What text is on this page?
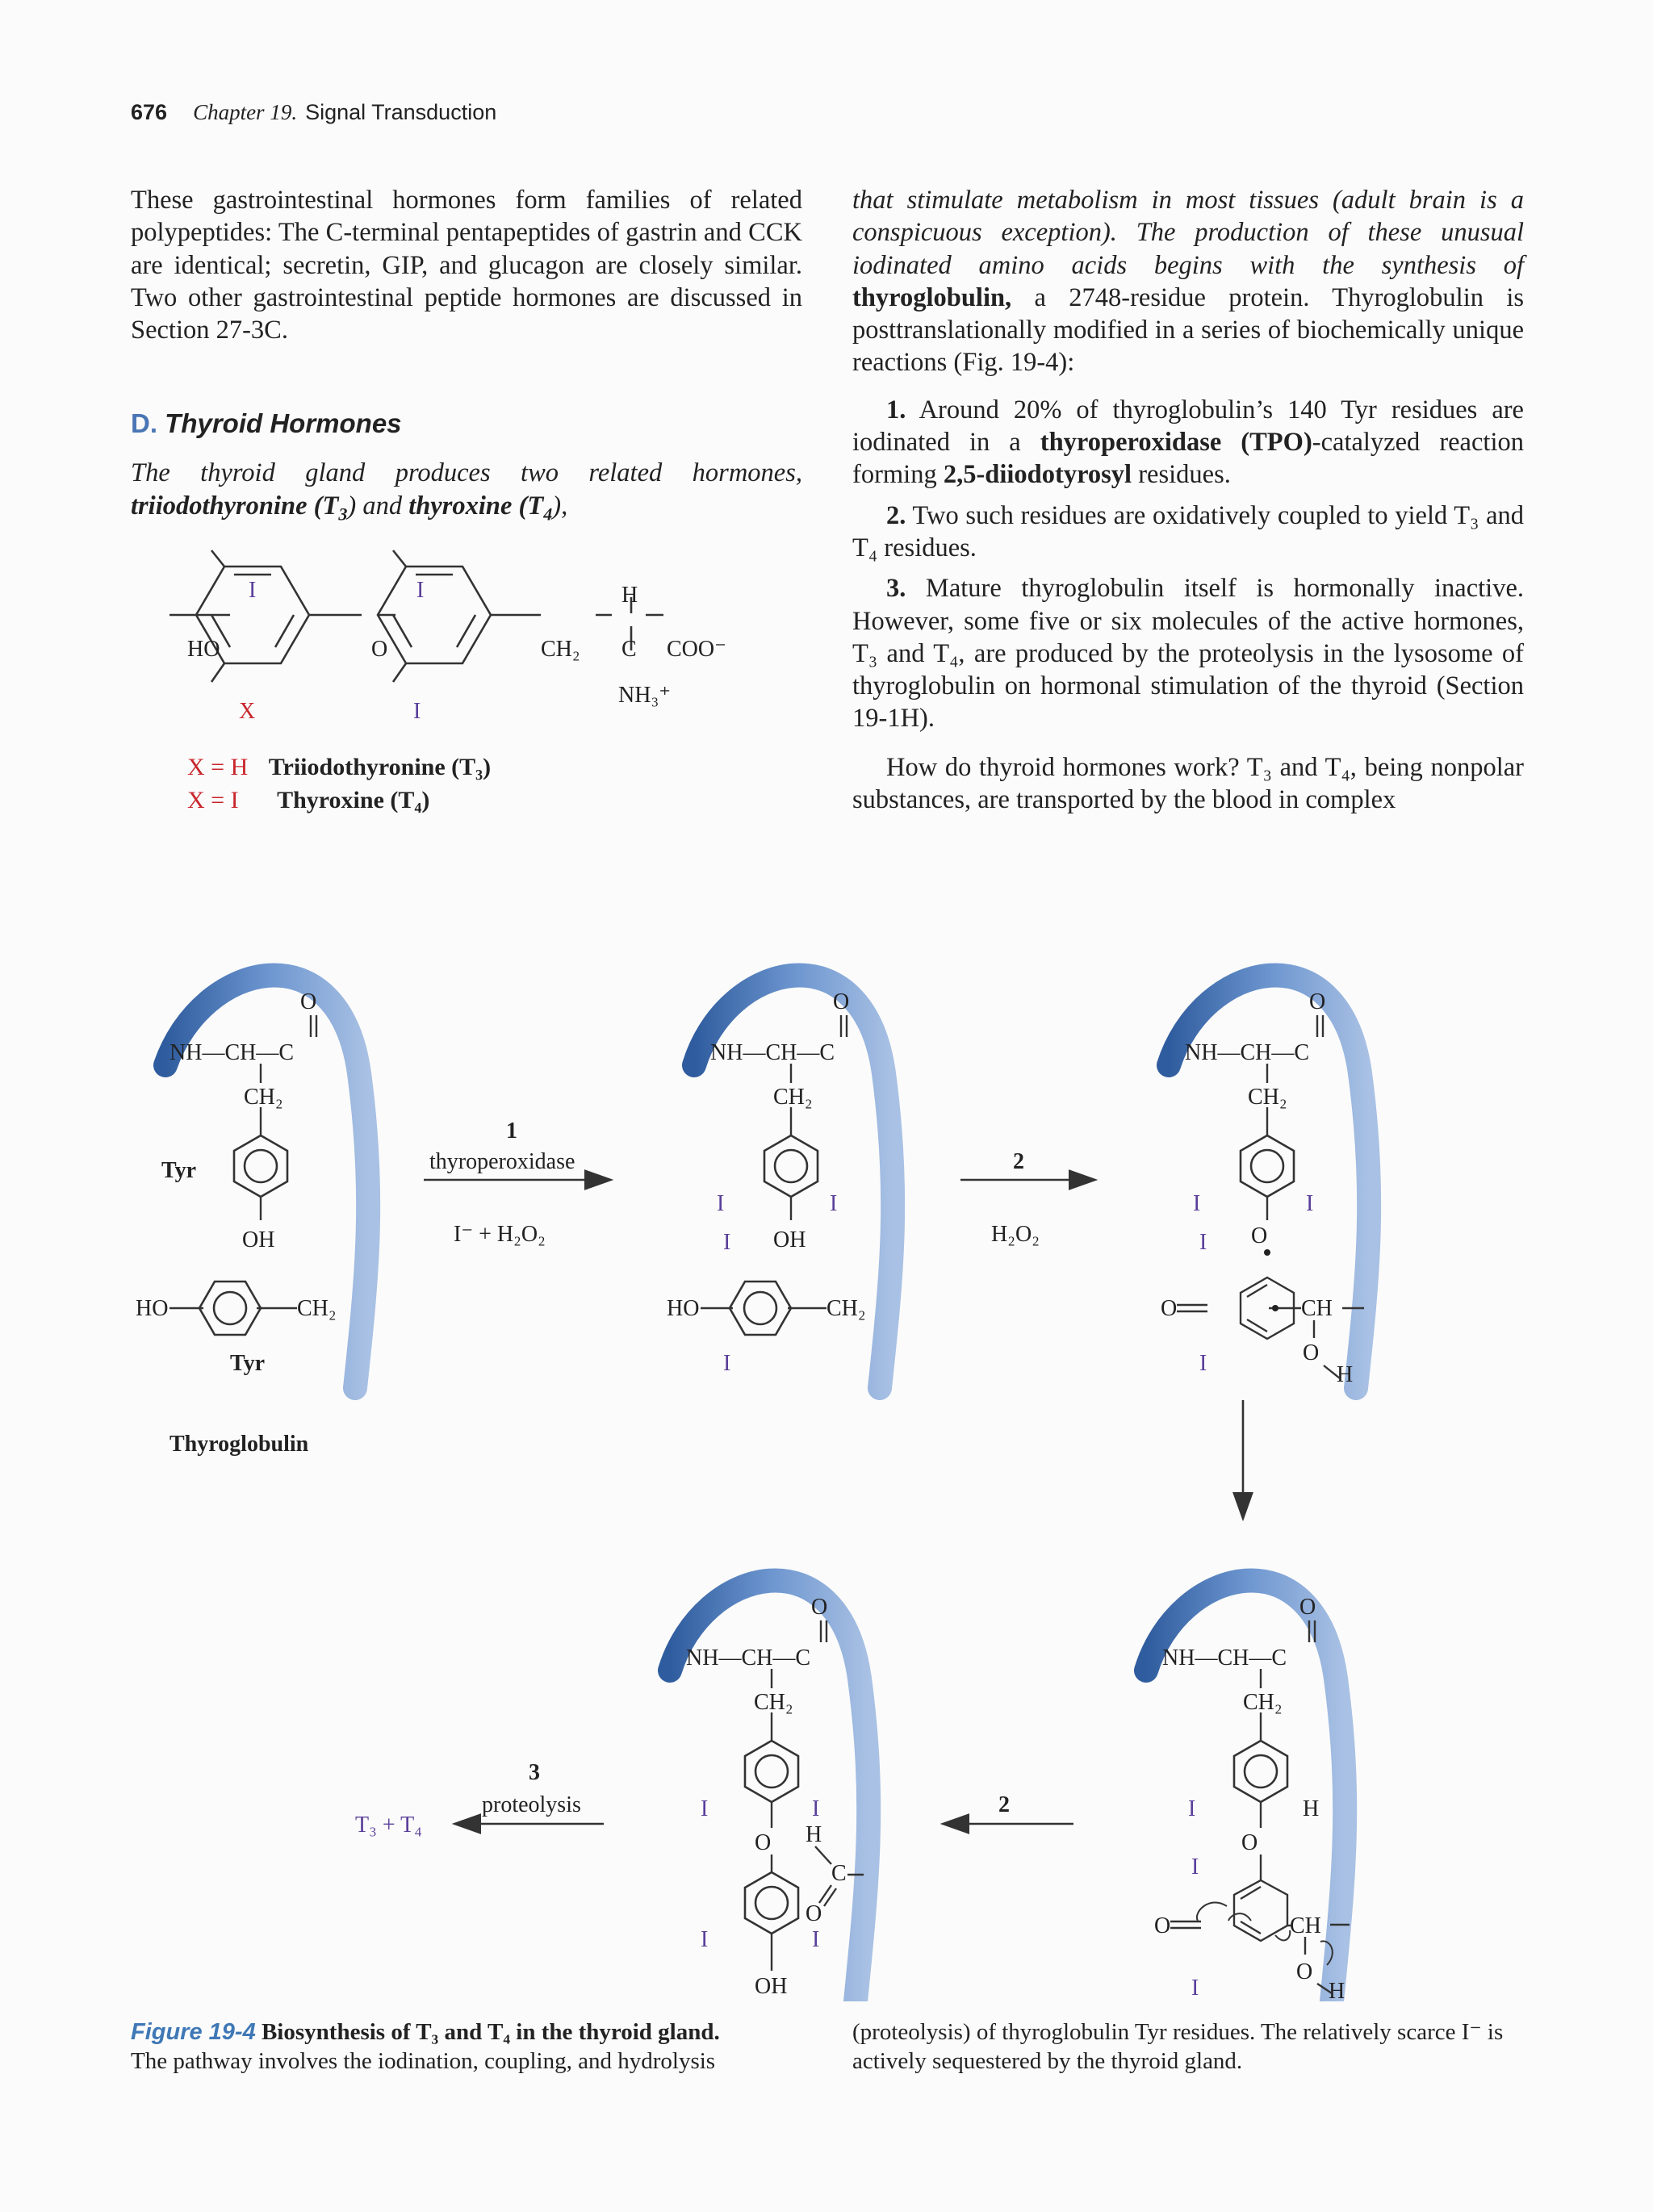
676 Chapter 19. Signal Transduction

These gastrointestinal hormones form families of related polypeptides: The C-terminal pentapeptides of gastrin and CCK are identical; secretin, GIP, and glucagon are closely similar. Two other gastrointestinal peptide hormones are discussed in Section 27-3C.

D. Thyroid Hormones
The thyroid gland produces two related hormones, triiodothyronine $(T_3)$ and thyroxine $(T_4)$,
I	I
X	I
HO	O	CH₂
H
C COO⁻
NH₃⁺
X = H Triiodothyronine (T₃)
X = I Thyroxine (T₄)

that stimulate metabolism in most tissues (adult brain is a conspicuous exception). The production of these unusual iodinated amino acids begins with the synthesis of thyroglobulin, a 2748-residue protein. Thyroglobulin is posttranslationally modified in a series of biochemically unique reactions (Fig. 19-4):

1. Around 20% of thyroglobulin’s 140 Tyr residues are iodinated in a thyroperoxidase (TPO)-catalyzed reaction forming 2,5-diiodotyrosyl residues.

2. Two such residues are oxidatively coupled to yield T₃ and T₄ residues.

3. Mature thyroglobulin itself is hormonally inactive. However, some five or six molecules of the active hormones, T₃ and T₄, are produced by the proteolysis in the lysosome of thyroglobulin on hormonal stimulation of the thyroid (Section 19-1H).

How do thyroid hormones work? T₃ and T₄, being nonpolar substances, are transported by the blood in complex

NH—CH—C
O
CH₂
Tyr
OH
HO	CH₂
Tyr
Thyroglobulin
1
thyroperoxidase
I⁻ + H₂O₂
NH—CH—C
O
CH₂
I	I
OH
I
HO	CH₂
I
2
H₂O₂
NH—CH—C
O
CH₂
I	I
O
I
O	CH
O
H
I
NH—CH—C
O
CH₂
I	H
O
I
O	CH
O
H
I
2
NH—CH—C
O
CH₂
I	I
O H
C
O
I	I
OH
3
proteolysis
T₃ + T₄
Figure 19-4 Biosynthesis of T₃ and T₄ in the thyroid gland.
The pathway involves the iodination, coupling, and hydrolysis
(proteolysis) of thyroglobulin Tyr residues. The relatively scarce I⁻ is actively sequestered by the thyroid gland.
